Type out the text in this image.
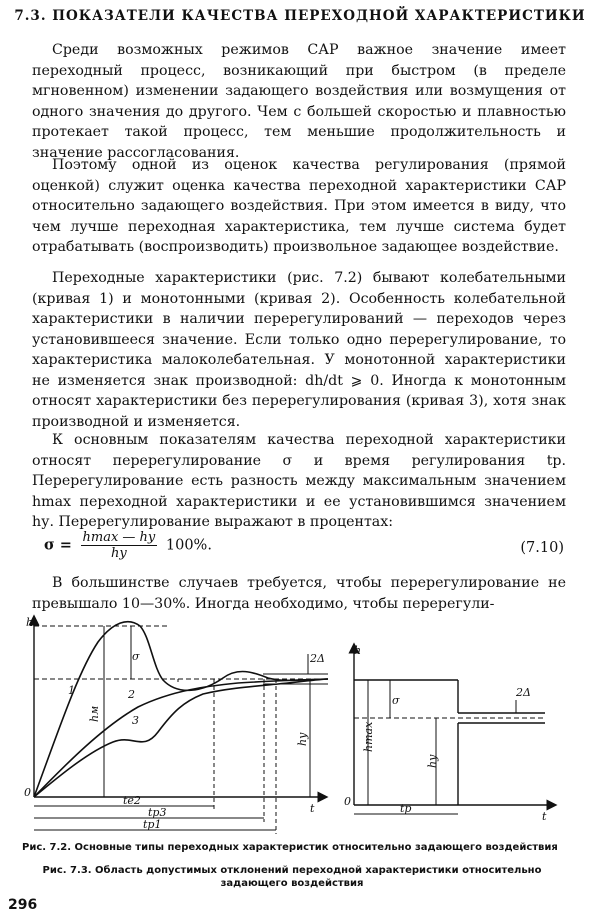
7.3. ПОКАЗАТЕЛИ КАЧЕСТВА ПЕРЕХОДНОЙ ХАРАКТЕРИСТИКИ

Среди возможных режимов САР важное значение имеет переходный процесс, возникающий при быстром (в пределе мгновенном) изменении задающего воздействия или возмущения от одного значения до другого. Чем с большей скоростью и плавностью протекает такой процесс, тем меньшие продолжительность и значение рассогласования.

Поэтому одной из оценок качества регулирования (прямой оценкой) служит оценка качества переходной характеристики САР относительно задающего воздействия. При этом имеется в виду, что чем лучше переходная характеристика, тем лучше система будет отрабатывать (воспроизводить) произвольное задающее воздействие.

Переходные характеристики (рис. 7.2) бывают колебательными (кривая 1) и монотонными (кривая 2). Особенность колебательной характеристики в наличии перерегулирований — переходов через установившееся значение. Если только одно перерегулирование, то характеристика малоколебательная. У монотонной характеристики не изменяется знак производной: dh/dt ⩾ 0. Иногда к монотонным относят характеристики без перерегулирования (кривая 3), хотя знак производной и изменяется.

К основным показателям качества переходной характеристики относят перерегулирование σ и время регулирования tр. Перерегулирование есть разность между максимальным значением hmax переходной характеристики и ее установившимся значением hу. Перерегулирование выражают в процентах:

$\sigma = \frac{hmax — hy}{hy} 100\%$.	(7.10)

В большинстве случаев требуется, чтобы перерегулирование не превышало 10—30%. Иногда необходимо, чтобы перерегули-

h
0
t
σ
hм
hy
2Δ
1	2
3
tе2
tр3
tр1
h
0
t
σ
hmax
hy
2Δ
tp
Рис. 7.2. Основные типы переходных характеристик относительно задающего воздействия
Рис. 7.3. Область допустимых отклонений переходной характеристики относительно задающего воздействия
296
